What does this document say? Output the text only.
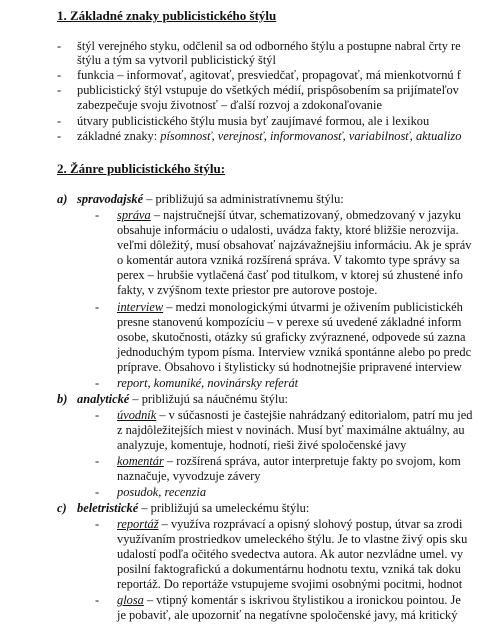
1. Základné znaky publicistického štýlu
- štýl verejného styku, odčlenil sa od odborného štýlu a postupne nabral črty re
štýlu a tým sa vytvoril publicistický štýl
- funkcia – informovať, agitovať, presviedčať, propagovať, má mienkotvornú f
- publicistický štýl vstupuje do všetkých médií, prispôsobením sa prijímateľov
zabezpečuje svoju životnosť – ďalší rozvoj a zdokonaľovanie
- útvary publicistického štýlu musia byť zaujímavé formou, ale i lexikou
- základné znaky: písomnosť, verejnosť, informovanosť, variabilnosť, aktualizo
2. Žánre publicistického štýlu:
a) spravodajské – približujú sa administratívnemu štýlu:
- správa – najstručnejší útvar, schematizovaný, obmedzovaný v jazyku
obsahuje informáciu o udalosti, uvádza fakty, ktoré bližšie nerozvija.
veľmi dôležitý, musí obsahovať najzávažnejšiu informáciu. Ak je správ
o komentár autora vzniká rozšírená správa. V takomto type správy sa
perex – hrubšie vytlačená časť pod titulkom, v ktorej sú zhustené info
fakty, v zvýšnom texte priestor pre autorove postoje.
- interview – medzi monologickými útvarmi je oživením publicistickéh
presne stanovenú kompozíciu – v perexe sú uvedené základné inform
osobe, skutočnosti, otázky sú graficky zvýraznené, odpovede sú zazna
jednoduchým typom písma. Interview vzniká spontánne alebo po predc
príprave. Obsahovo i štylisticky sú hodnotnejšie pripravené interview
- report, komuniké, novinársky referát
b) analytické – približujú sa náučnému štýlu:
- úvodník – v súčasnosti je častejšie nahrádzaný editorialom, patrí mu jed
z najdôležitejších miest v novinách. Musí byť maximálne aktuálny, au
analyzuje, komentuje, hodnotí, rieši živé spoločenské javy
- komentár – rozšírená správa, autor interpretuje fakty po svojom, kom
naznačuje, vyvodzuje závery
- posudok, recenzia
c) beletristické – približujú sa umeleckému štýlu:
- reportáž – využíva rozprávací a opisný slohový postup, útvar sa zrodi
využívaním prostriedkov umeleckého štýlu. Je to vlastne živý opis sku
udalostí podľa očitého svedectva autora. Ak autor nezvládne umel. vy
posilní faktografickú a dokumentárnu hodnotu textu, vzniká tak doku
reportáž. Do reportáže vstupujeme svojimi osobnými pocitmi, hodnot
- glosa – vtipný komentár s iskrivou štylistikou a ironickou pointou. Je
je pobaviť, ale upozorniť na negatívne spoločenské javy, má kritický
